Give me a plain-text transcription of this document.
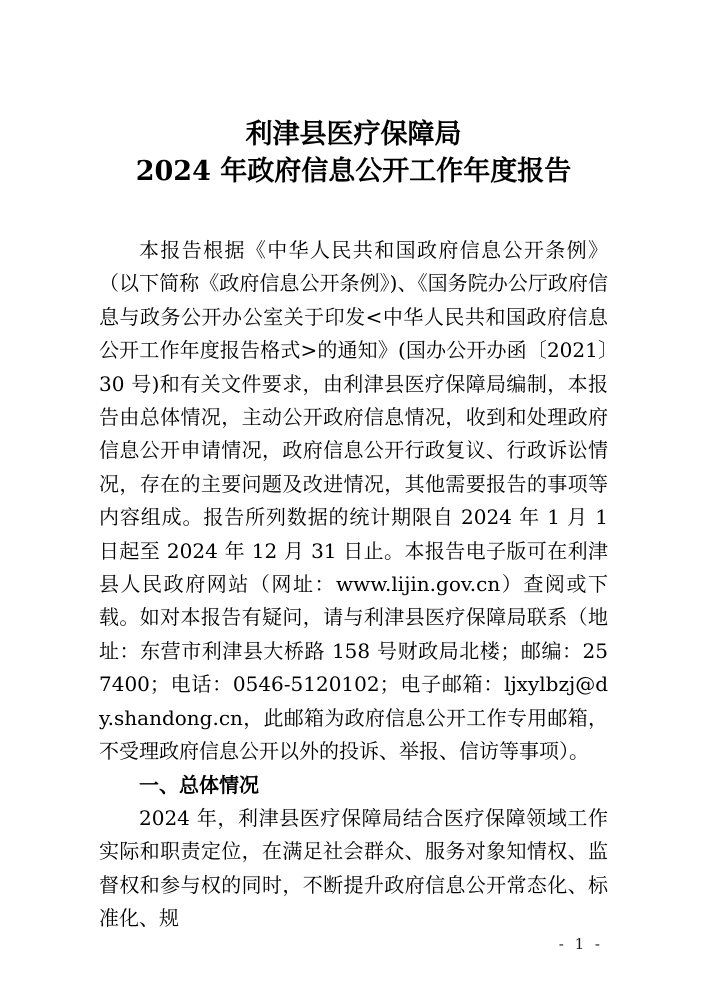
利津县医疗保障局
2024 年政府信息公开工作年度报告

本报告根据《中华人民共和国政府信息公开条例》（以下简称《政府信息公开条例》)、《国务院办公厅政府信息与政务公开办公室关于印发<中华人民共和国政府信息公开工作年度报告格式>的通知》(国办公开办函〔2021〕30 号)和有关文件要求，由利津县医疗保障局编制，本报告由总体情况，主动公开政府信息情况，收到和处理政府信息公开申请情况，政府信息公开行政复议、行政诉讼情况，存在的主要问题及改进情况，其他需要报告的事项等内容组成。报告所列数据的统计期限自 2024 年 1 月 1 日起至 2024 年 12 月 31 日止。本报告电子版可在利津县人民政府网站（网址：www.lijin.gov.cn）查阅或下载。如对本报告有疑问，请与利津县医疗保障局联系（地址：东营市利津县大桥路 158 号财政局北楼；邮编：257400；电话：0546-5120102；电子邮箱：ljxylbzj@dy.shandong.cn，此邮箱为政府信息公开工作专用邮箱，不受理政府信息公开以外的投诉、举报、信访等事项）。

一、总体情况

2024 年，利津县医疗保障局结合医疗保障领域工作实际和职责定位，在满足社会群众、服务对象知情权、监督权和参与权的同时，不断提升政府信息公开常态化、标准化、规

- 1 -
